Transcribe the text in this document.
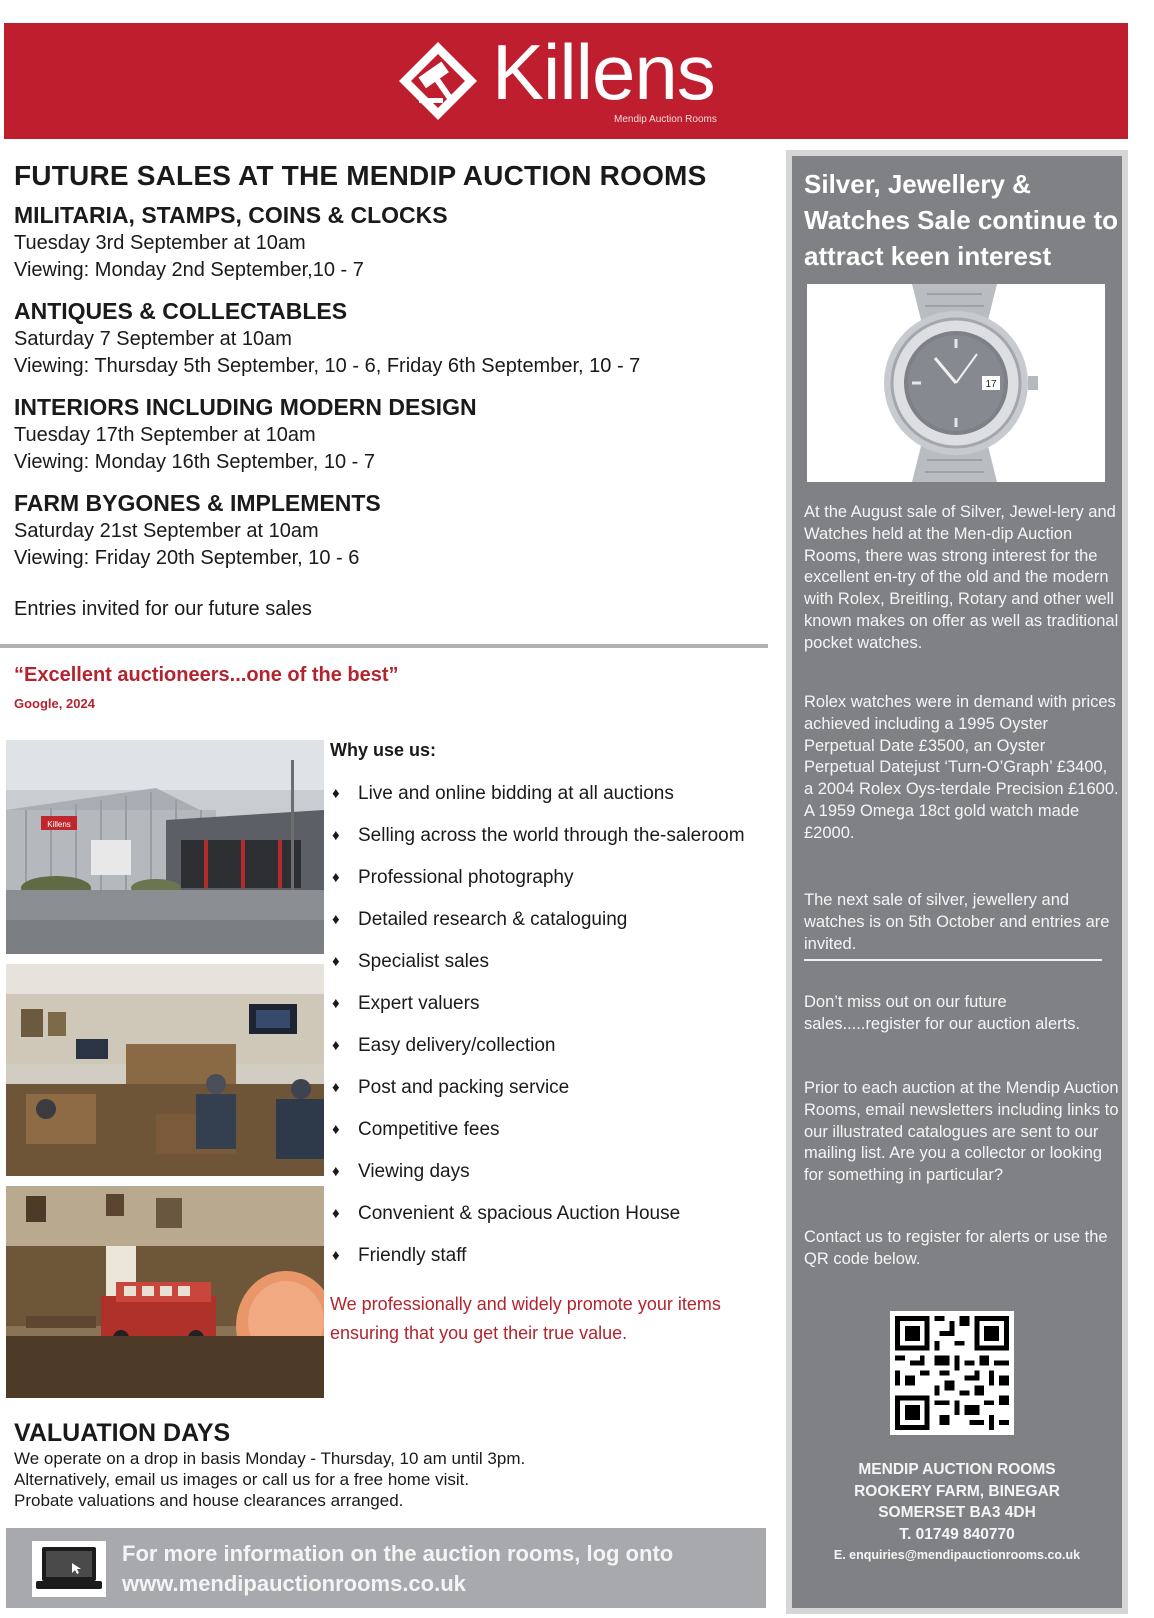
Killens
Mendip Auction Rooms
FUTURE SALES AT THE MENDIP AUCTION ROOMS
MILITARIA, STAMPS, COINS & CLOCKS

Tuesday 3rd September at 10am

Viewing: Monday 2nd September,10 - 7

ANTIQUES & COLLECTABLES

Saturday 7 September at 10am

Viewing: Thursday 5th September, 10 - 6, Friday 6th September, 10 - 7

INTERIORS INCLUDING MODERN DESIGN

Tuesday 17th September at 10am

Viewing: Monday 16th September, 10 - 7

FARM BYGONES & IMPLEMENTS

Saturday 21st September at 10am

Viewing: Friday 20th September, 10 - 6

Entries invited for our future sales

“Excellent auctioneers...one of the best”
Google, 2024
Killens
Why use us:
♦ Live and online bidding at all auctions
♦ Selling across the world through the-saleroom
♦ Professional photography
♦ Detailed research & cataloguing
♦ Specialist sales
♦ Expert valuers
♦ Easy delivery/collection
♦ Post and packing service
♦ Competitive fees
♦ Viewing days
♦ Convenient & spacious Auction House
♦ Friendly staff
We professionally and widely promote your items
ensuring that you get their true value.
VALUATION DAYS

We operate on a drop in basis Monday - Thursday, 10 am until 3pm.

Alternatively, email us images or call us for a free home visit.

Probate valuations and house clearances arranged.

For more information on the auction rooms, log onto
www.mendipauctionrooms.co.uk
Silver, Jewellery & Watches Sale continue to attract keen interest
17

At the August sale of Silver, Jewel-lery and Watches held at the Men-dip Auction Rooms, there was strong interest for the excellent en-try of the old and the modern with Rolex, Breitling, Rotary and other well known makes on offer as well as traditional pocket watches.

Rolex watches were in demand with prices achieved including a 1995 Oyster Perpetual Date £3500, an Oyster Perpetual Datejust ‘Turn-O’Graph’ £3400, a 2004 Rolex Oys-terdale Precision £1600. A 1959 Omega 18ct gold watch made £2000.

The next sale of silver, jewellery and watches is on 5th October and entries are invited.

Don’t miss out on our future sales.....register for our auction alerts.

Prior to each auction at the Mendip Auction Rooms, email newsletters including links to our illustrated catalogues are sent to our mailing list. Are you a collector or looking for something in particular?

Contact us to register for alerts or use the QR code below.

MENDIP AUCTION ROOMS
ROOKERY FARM, BINEGAR
SOMERSET BA3 4DH
T. 01749 840770
E. enquiries@mendipauctionrooms.co.uk
